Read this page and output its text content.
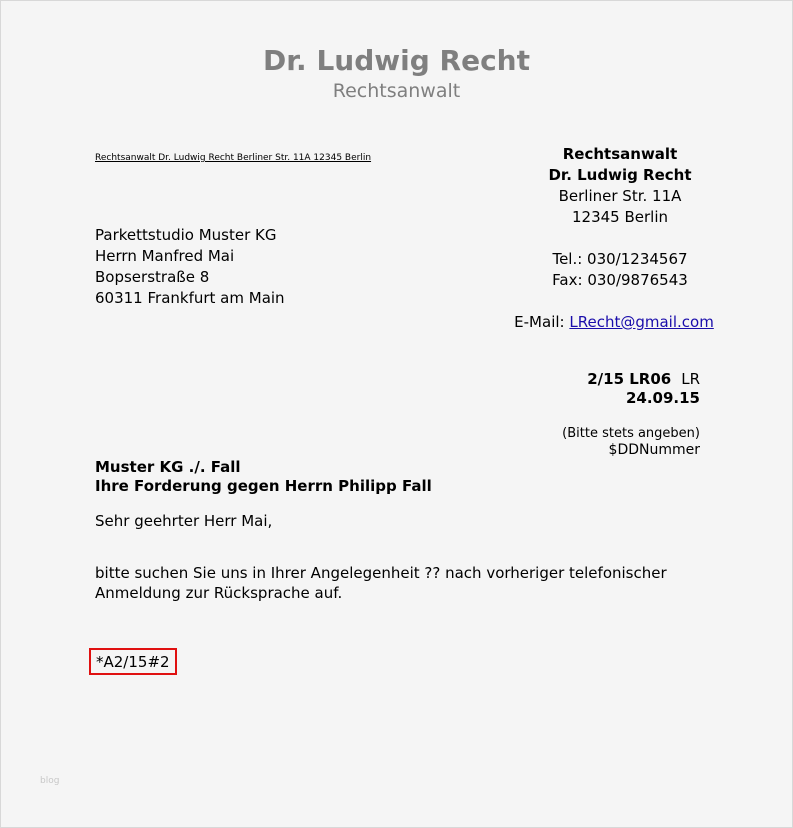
Dr. Ludwig Recht
Rechtsanwalt
Rechtsanwalt Dr. Ludwig Recht Berliner Str. 11A 12345 Berlin	Rechtsanwalt
Dr. Ludwig Recht
Berliner Str. 11A
12345 Berlin
Tel.: 030/1234567
Fax: 030/9876543
E-Mail: LRecht@gmail.com
Parkettstudio Muster KG
Herrn Manfred Mai
Bopserstraße 8
60311 Frankfurt am Main
2/15 LR06 LR
24.09.15
(Bitte stets angeben)
$DDNummer
Muster KG ./. Fall
Ihre Forderung gegen Herrn Philipp Fall
Sehr geehrter Herr Mai,
bitte suchen Sie uns in Ihrer Angelegenheit ?? nach vorheriger telefonischer
Anmeldung zur Rücksprache auf.
*A2/15#2
blog
